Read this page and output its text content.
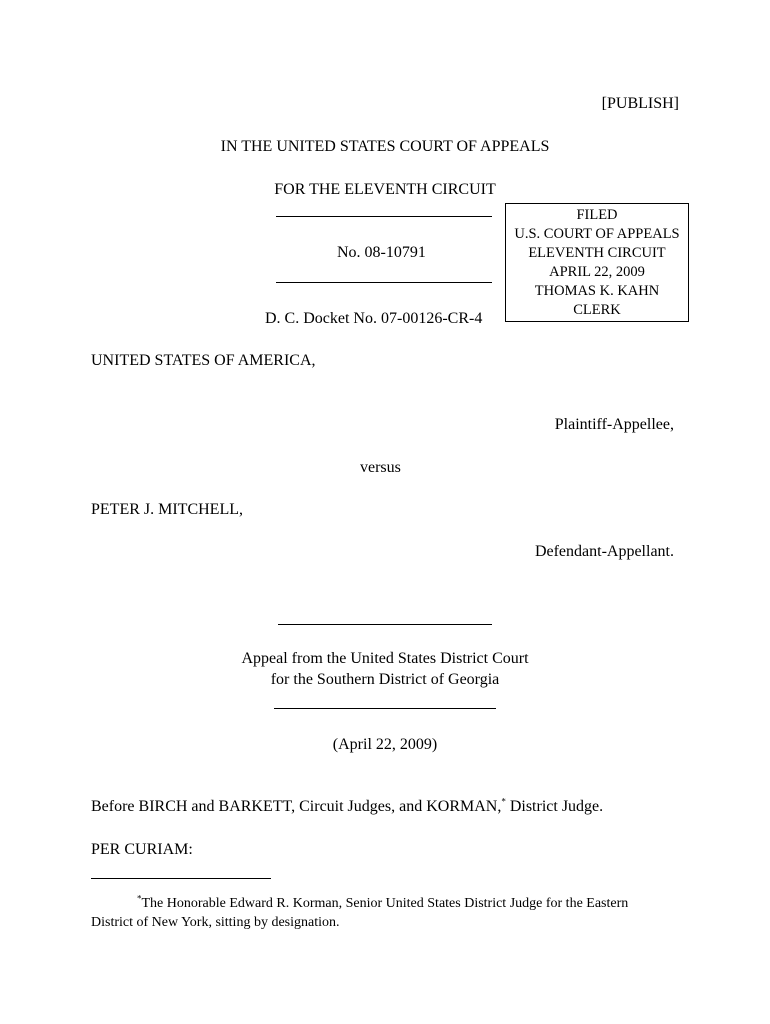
[PUBLISH]
IN THE UNITED STATES COURT OF APPEALS
FOR THE ELEVENTH CIRCUIT
No. 08-10791
D. C. Docket No. 07-00126-CR-4
FILED
U.S. COURT OF APPEALS
ELEVENTH CIRCUIT
APRIL 22, 2009
THOMAS K. KAHN
CLERK
UNITED STATES OF AMERICA,
Plaintiff-Appellee,
versus
PETER J. MITCHELL,
Defendant-Appellant.
Appeal from the United States District Court
for the Southern District of Georgia
(April 22, 2009)
Before BIRCH and BARKETT, Circuit Judges, and KORMAN,* District Judge.
PER CURIAM:
*The Honorable Edward R. Korman, Senior United States District Judge for the Eastern
District of New York, sitting by designation.
